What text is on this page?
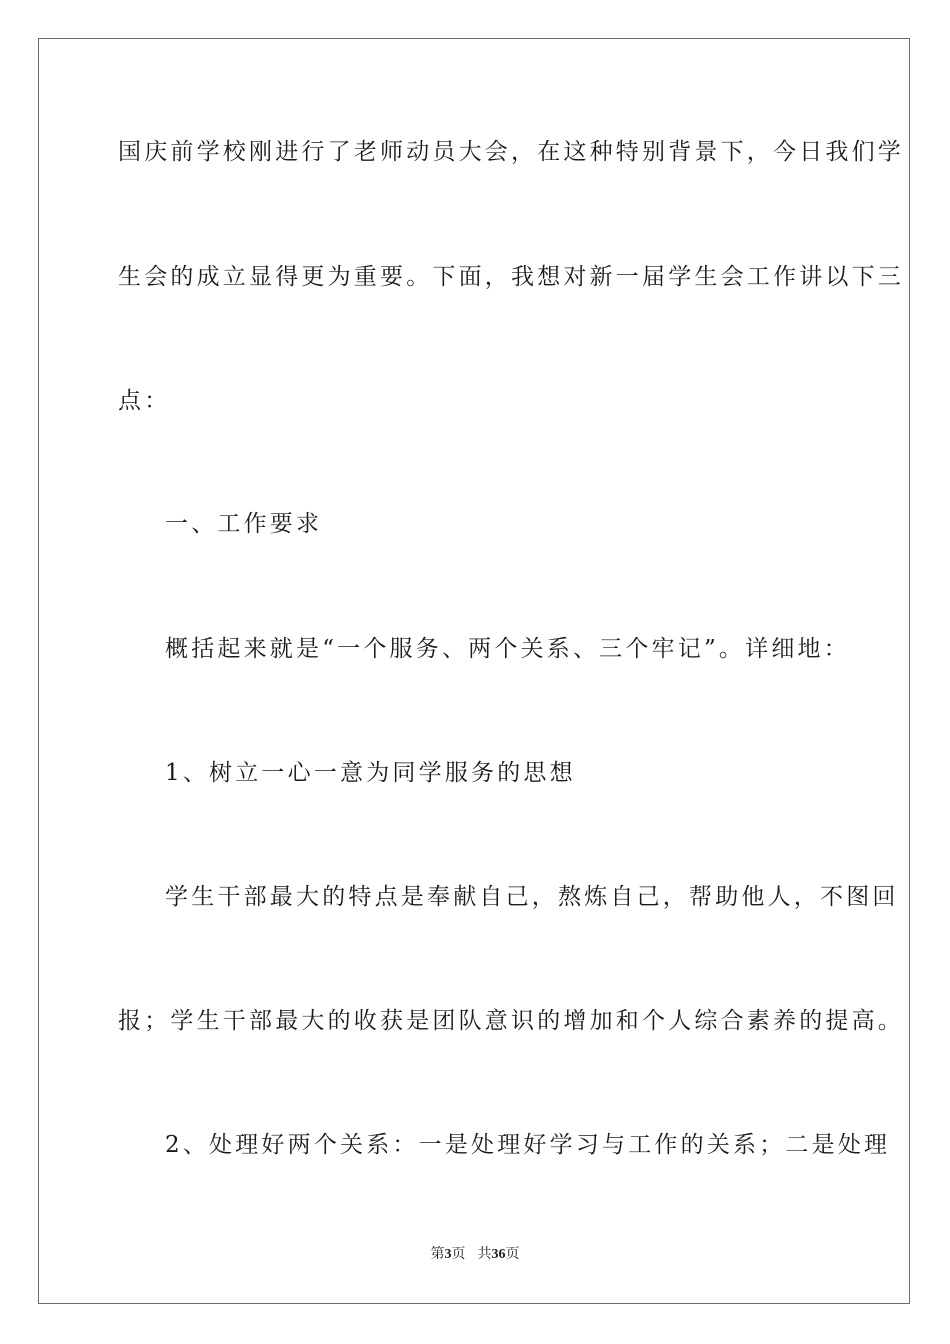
国庆前学校刚进行了老师动员大会，在这种特别背景下，今日我们学
生会的成立显得更为重要。下面，我想对新一届学生会工作讲以下三
点：
一、工作要求
概括起来就是“一个服务、两个关系、三个牢记”。详细地：
1、树立一心一意为同学服务的思想
学生干部最大的特点是奉献自己，熬炼自己，帮助他人，不图回
报；学生干部最大的收获是团队意识的增加和个人综合素养的提高。
2、处理好两个关系：一是处理好学习与工作的关系；二是处理
第3页 共36页
